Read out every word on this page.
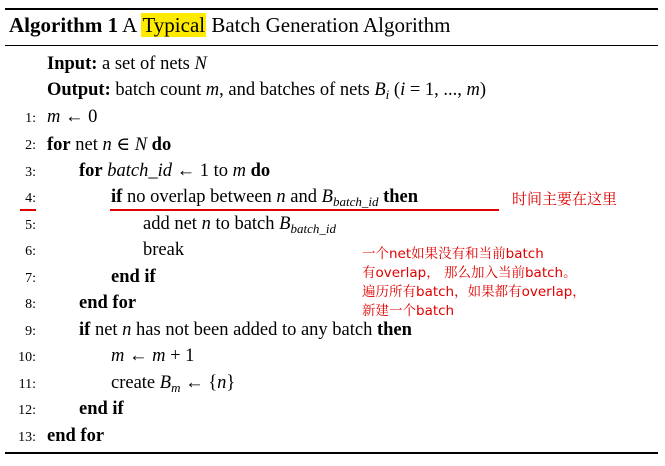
Algorithm 1 A Typical Batch Generation Algorithm
Input: a set of nets N
Output: batch count m, and batches of nets $B_i$ (i = 1, ..., m)
1:
2:
3:
4:
5:
6:
7:
8:
9:
10:
11:
12:
13:
m ← 0
for net n ∈ N do
for batch_id ← 1 to m do
if no overlap between n and $B_{batch\_id}$ then	时间主要在这里
add net n to batch $B_{batch\_id}$
break
end if
end for
if net n has not been added to any batch then
m ← m + 1
create $B_m$ ← {n}
end if
end for
一个net如果没有和当前batch
有overlap， 那么加入当前batch。
遍历所有batch，如果都有overlap，
新建一个batch
